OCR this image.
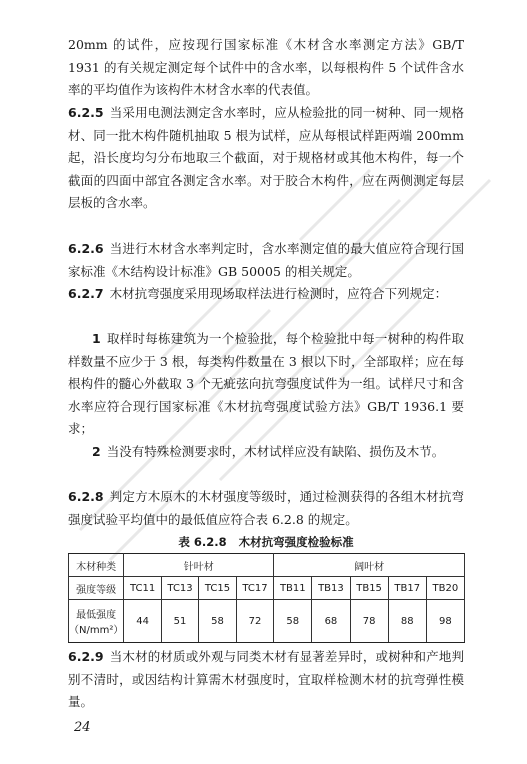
20mm 的试件，应按现行国家标准《木材含水率测定方法》GB/T 1931 的有关规定测定每个试件中的含水率，以每根构件 5 个试件含水率的平均值作为该构件木材含水率的代表值。
6.2.5 当采用电测法测定含水率时，应从检验批的同一树种、同一规格材、同一批木构件随机抽取 5 根为试样，应从每根试样距两端 200mm 起，沿长度均匀分布地取三个截面，对于规格材或其他木构件，每一个截面的四面中部宜各测定含水率。对于胶合木构件，应在两侧测定每层层板的含水率。
6.2.6 当进行木材含水率判定时，含水率测定值的最大值应符合现行国家标准《木结构设计标准》GB 50005 的相关规定。
6.2.7 木材抗弯强度采用现场取样法进行检测时，应符合下列规定：
1 取样时每栋建筑为一个检验批，每个检验批中每一树种的构件取样数量不应少于 3 根，每类构件数量在 3 根以下时，全部取样；应在每根构件的髓心外截取 3 个无疵弦向抗弯强度试件为一组。试样尺寸和含水率应符合现行国家标准《木材抗弯强度试验方法》GB/T 1936.1 要求；
2 当没有特殊检测要求时，木材试样应没有缺陷、损伤及木节。
6.2.8 判定方木原木的木材强度等级时，通过检测获得的各组木材抗弯强度试验平均值中的最低值应符合表 6.2.8 的规定。
表 6.2.8 木材抗弯强度检验标准
木材种类	针叶材				阔叶材				
强度等级	TC11	TC13	TC15	TC17	TB11	TB13	TB15	TB17	TB20

最低强度
（N/mm²）	44	51	58	72	58	68	78	88	98
6.2.9 当木材的材质或外观与同类木材有显著差异时，或树种和产地判别不清时，或因结构计算需木材强度时，宜取样检测木材的抗弯弹性模量。
24
